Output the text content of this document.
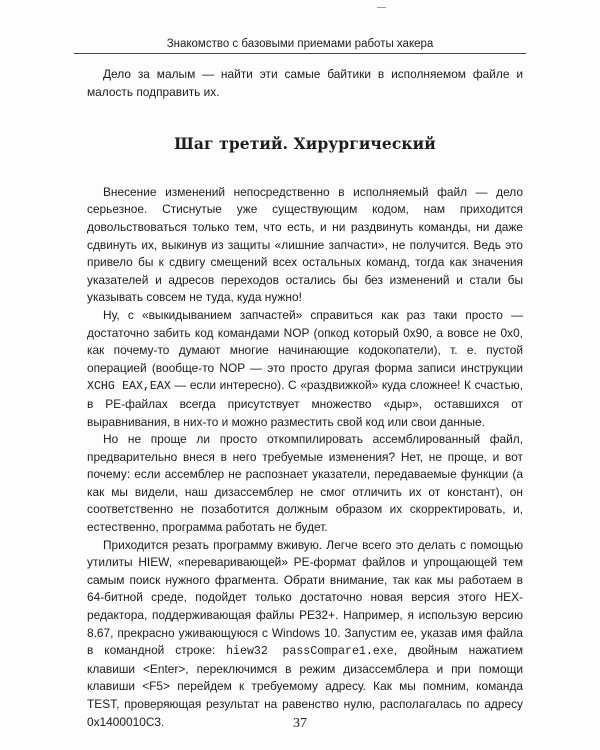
Знакомство с базовыми приемами работы хакера

Дело за малым — найти эти самые байтики в исполняемом файле и малость подправить их.

Шаг третий. Хирургический

Внесение изменений непосредственно в исполняемый файл — дело серьезное. Стиснутые уже существующим кодом, нам приходится довольствоваться только тем, что есть, и ни раздвинуть команды, ни даже сдвинуть их, выкинув из защиты «лишние запчасти», не получится. Ведь это привело бы к сдвигу смещений всех остальных команд, тогда как значения указателей и адресов переходов остались бы без изменений и стали бы указывать совсем не туда, куда нужно!

Ну, с «выкидыванием запчастей» справиться как раз таки просто — достаточно забить код командами NOP (опкод который 0x90, а вовсе не 0x0, как почему-то думают многие начинающие кодокопатели), т. е. пустой операцией (вообще-то NOP — это просто другая форма записи инструкции XCHG EAX,EAX — если интересно). С «раздвижкой» куда сложнее! К счастью, в PE-файлах всегда присутствует множество «дыр», оставшихся от выравнивания, в них-то и можно разместить свой код или свои данные.

Но не проще ли просто откомпилировать ассемблированный файл, предварительно внеся в него требуемые изменения? Нет, не проще, и вот почему: если ассемблер не распознает указатели, передаваемые функции (а как мы видели, наш дизассемблер не смог отличить их от констант), он соответственно не позаботится должным образом их скорректировать, и, естественно, программа работать не будет.

Приходится резать программу вживую. Легче всего это делать с помощью утилиты HIEW, «переваривающей» PE-формат файлов и упрощающей тем самым поиск нужного фрагмента. Обрати внимание, так как мы работаем в 64-битной среде, подойдет только достаточно новая версия этого HEX-редактора, поддерживающая файлы PE32+. Например, я использую версию 8.67, прекрасно уживающуюся с Windows 10. Запустим ее, указав имя файла в командной строке: hiew32 passCompare1.exe, двойным нажатием клавиши <Enter>, переключимся в режим дизассемблера и при помощи клавиши <F5> перейдем к требуемому адресу. Как мы помним, команда TEST, проверяющая результат на равенство нулю, располагалась по адресу 0x1400010C3.	37
